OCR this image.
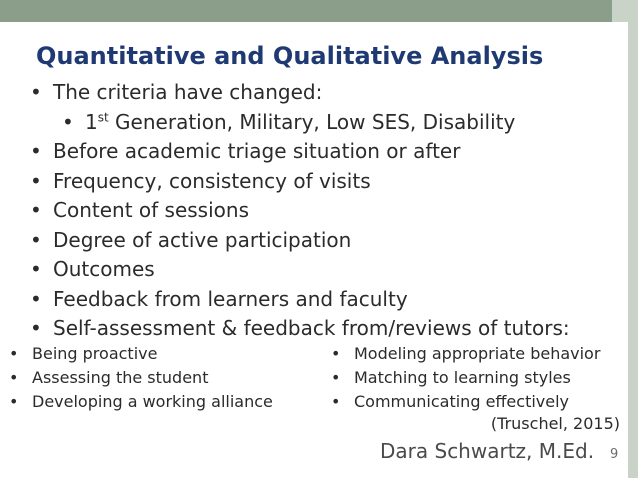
Quantitative and Qualitative Analysis
• The criteria have changed:
• 1st Generation, Military, Low SES, Disability
• Before academic triage situation or after
• Frequency, consistency of visits
• Content of sessions
• Degree of active participation
• Outcomes
• Feedback from learners and faculty
• Self-assessment & feedback from/reviews of tutors:
• Being proactive
• Assessing the student
• Developing a working alliance
• Modeling appropriate behavior
• Matching to learning styles
• Communicating effectively
(Truschel, 2015)
Dara Schwartz, M.Ed. 9
